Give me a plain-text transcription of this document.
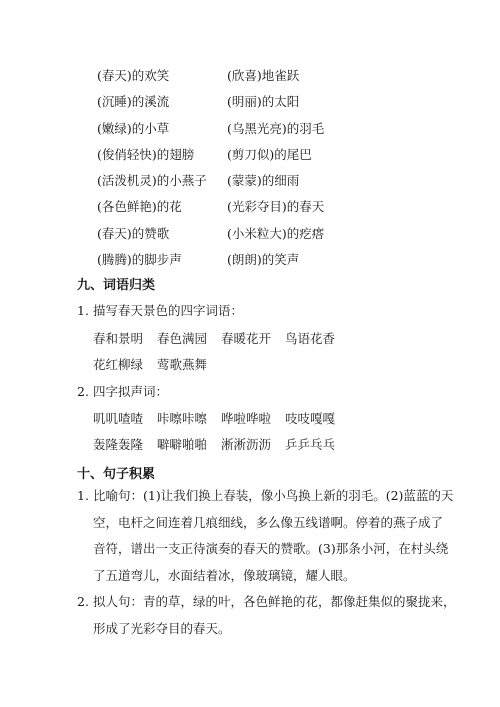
(春天)的欢笑	(欣喜)地雀跃
(沉睡)的溪流	(明丽)的太阳
(嫩绿)的小草	(乌黑光亮)的羽毛
(俊俏轻快)的翅膀	(剪刀似)的尾巴
(活泼机灵)的小燕子 (蒙蒙)的细雨
(各色鲜艳)的花	(光彩夺目)的春天
(春天)的赞歌	(小米粒大)的疙瘩
(腾腾)的脚步声	(朗朗)的笑声
九、词语归类
1. 描写春天景色的四字词语：
春和景明 春色满园 春暖花开 鸟语花香
花红柳绿 莺歌燕舞
2. 四字拟声词：
叽叽喳喳 咔嚓咔嚓 哗啦哗啦 吱吱嘎嘎
轰隆轰隆 噼噼啪啪 淅淅沥沥 乒乒乓乓
十、句子积累
1. 比喻句：(1)让我们换上春装，像小鸟换上新的羽毛。(2)蓝蓝的天
空，电杆之间连着几痕细线，多么像五线谱啊。停着的燕子成了
音符，谱出一支正待演奏的春天的赞歌。(3)那条小河，在村头绕
了五道弯儿，水面结着冰，像玻璃镜，耀人眼。
2. 拟人句：青的草，绿的叶，各色鲜艳的花，都像赶集似的聚拢来，
形成了光彩夺目的春天。
